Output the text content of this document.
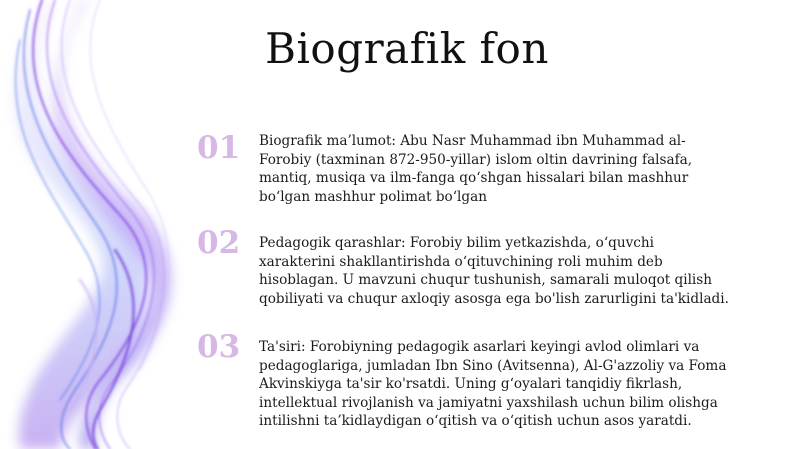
Biografik fon
01	Biografik ma’lumot: Abu Nasr Muhammad ibn Muhammad al-Forobiy (taxminan 872-950-yillar) islom oltin davrining falsafa, mantiq, musiqa va ilm-fanga qo‘shgan hissalari bilan mashhur bo‘lgan mashhur polimat bo‘lgan
02	Pedagogik qarashlar: Forobiy bilim yetkazishda, o‘quvchi xarakterini shakllantirishda o‘qituvchining roli muhim deb hisoblagan. U mavzuni chuqur tushunish, samarali muloqot qilish qobiliyati va chuqur axloqiy asosga ega bo'lish zarurligini ta'kidladi.
03	Ta'siri: Forobiyning pedagogik asarlari keyingi avlod olimlari va pedagoglariga, jumladan Ibn Sino (Avitsenna), Al-G'azzoliy va Foma Akvinskiyga ta'sir ko'rsatdi. Uning g‘oyalari tanqidiy fikrlash, intellektual rivojlanish va jamiyatni yaxshilash uchun bilim olishga intilishni ta’kidlaydigan o‘qitish va o‘qitish uchun asos yaratdi.
